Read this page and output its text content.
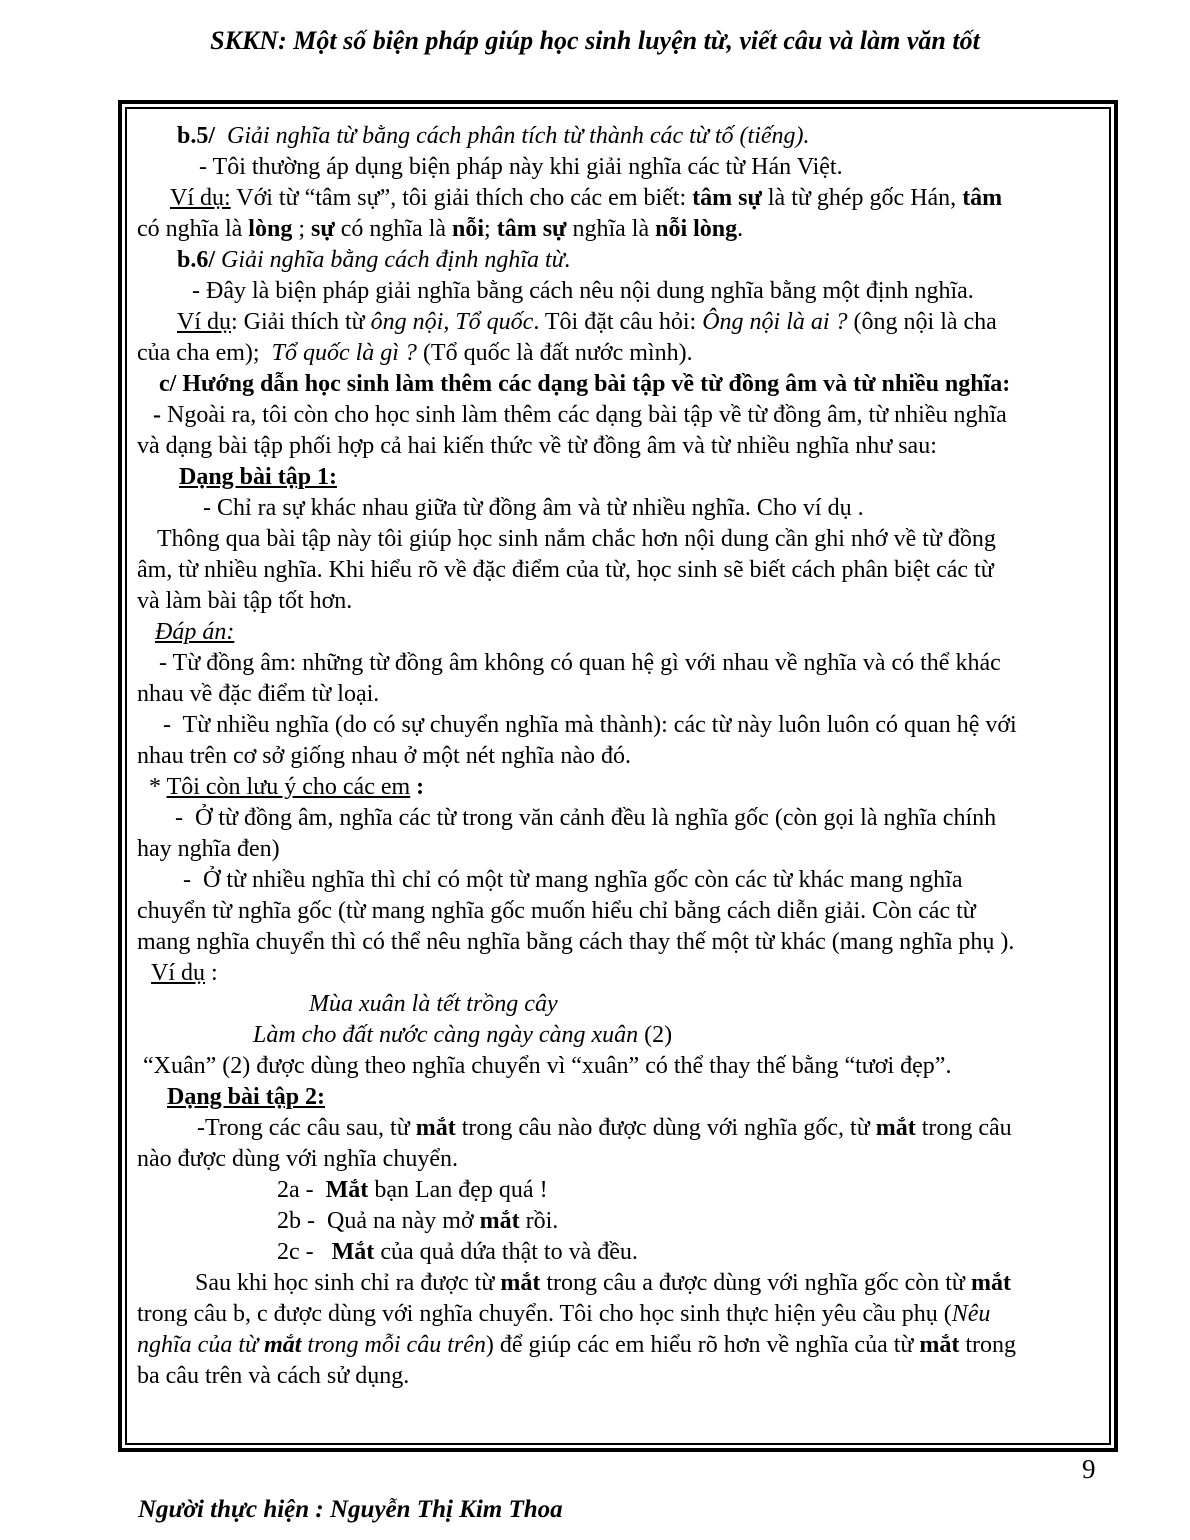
SKKN: Một số biện pháp giúp học sinh luyện từ, viết câu và làm văn tốt
b.5/ Giải nghĩa từ bằng cách phân tích từ thành các từ tố (tiếng).
- Tôi thường áp dụng biện pháp này khi giải nghĩa các từ Hán Việt.
Ví dụ: Với từ “tâm sự”, tôi giải thích cho các em biết: tâm sự là từ ghép gốc Hán, tâm
có nghĩa là lòng ; sự có nghĩa là nỗi; tâm sự nghĩa là nỗi lòng.
b.6/ Giải nghĩa bằng cách định nghĩa từ.
- Đây là biện pháp giải nghĩa bằng cách nêu nội dung nghĩa bằng một định nghĩa.
Ví dụ: Giải thích từ ông nội, Tổ quốc. Tôi đặt câu hỏi: Ông nội là ai ? (ông nội là cha
của cha em);  Tổ quốc là gì ? (Tổ quốc là đất nước mình).
c/ Hướng dẫn học sinh làm thêm các dạng bài tập về từ đồng âm và từ nhiều nghĩa:
- Ngoài ra, tôi còn cho học sinh làm thêm các dạng bài tập về từ đồng âm, từ nhiều nghĩa
và dạng bài tập phối hợp cả hai kiến thức về từ đồng âm và từ nhiều nghĩa như sau:
Dạng bài tập 1:
- Chỉ ra sự khác nhau giữa từ đồng âm và từ nhiều nghĩa. Cho ví dụ .
Thông qua bài tập này tôi giúp học sinh nắm chắc hơn nội dung cần ghi nhớ về từ đồng
âm, từ nhiều nghĩa. Khi hiểu rõ về đặc điểm của từ, học sinh sẽ biết cách phân biệt các từ
và làm bài tập tốt hơn.
Đáp án:
- Từ đồng âm: những từ đồng âm không có quan hệ gì với nhau về nghĩa và có thể khác
nhau về đặc điểm từ loại.
-  Từ nhiều nghĩa (do có sự chuyển nghĩa mà thành): các từ này luôn luôn có quan hệ với
nhau trên cơ sở giống nhau ở một nét nghĩa nào đó.
* Tôi còn lưu ý cho các em :
-  Ở từ đồng âm, nghĩa các từ trong văn cảnh đều là nghĩa gốc (còn gọi là nghĩa chính
hay nghĩa đen)
-  Ở từ nhiều nghĩa thì chỉ có một từ mang nghĩa gốc còn các từ khác mang nghĩa
chuyển từ nghĩa gốc (từ mang nghĩa gốc muốn hiểu chỉ bằng cách diễn giải. Còn các từ
mang nghĩa chuyển thì có thể nêu nghĩa bằng cách thay thế một từ khác (mang nghĩa phụ ).
Ví dụ :
Mùa xuân là tết trồng cây
Làm cho đất nước càng ngày càng xuân (2)
“Xuân” (2) được dùng theo nghĩa chuyển vì “xuân” có thể thay thế bằng “tươi đẹp”.
Dạng bài tập 2:
-Trong các câu sau, từ mắt trong câu nào được dùng với nghĩa gốc, từ mắt trong câu
nào được dùng với nghĩa chuyển.
2a -  Mắt bạn Lan đẹp quá !
2b -  Quả na này mở mắt rồi.
2c -   Mắt của quả dứa thật to và đều.
Sau khi học sinh chỉ ra được từ mắt trong câu a được dùng với nghĩa gốc còn từ mắt
trong câu b, c được dùng với nghĩa chuyển. Tôi cho học sinh thực hiện yêu cầu phụ (Nêu
nghĩa của từ mắt trong mỗi câu trên) để giúp các em hiểu rõ hơn về nghĩa của từ mắt trong
ba câu trên và cách sử dụng.
9
Người thực hiện : Nguyễn Thị Kim Thoa
